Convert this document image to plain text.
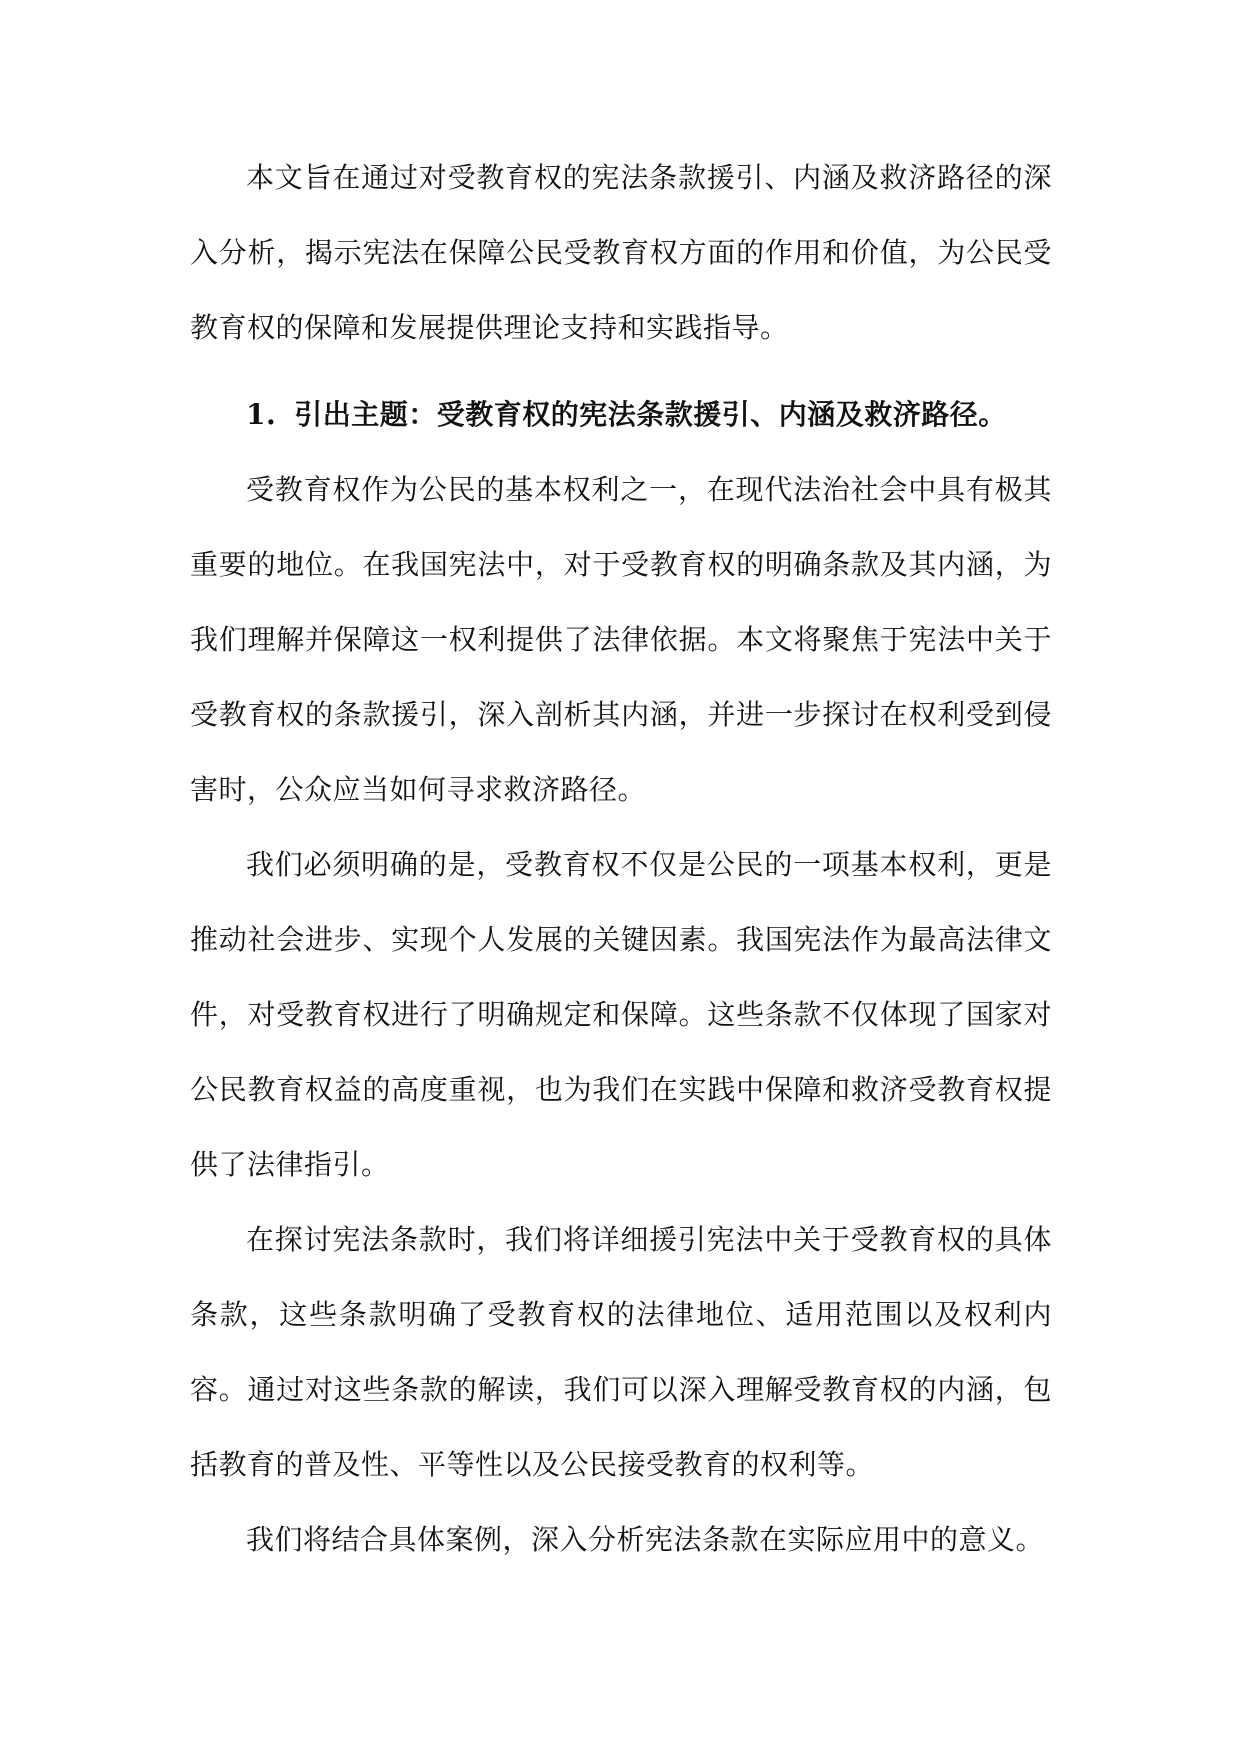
本文旨在通过对受教育权的宪法条款援引、内涵及救济路径的深入分析，揭示宪法在保障公民受教育权方面的作用和价值，为公民受教育权的保障和发展提供理论支持和实践指导。

1. 引出主题：受教育权的宪法条款援引、内涵及救济路径。

受教育权作为公民的基本权利之一，在现代法治社会中具有极其重要的地位。在我国宪法中，对于受教育权的明确条款及其内涵，为我们理解并保障这一权利提供了法律依据。本文将聚焦于宪法中关于受教育权的条款援引，深入剖析其内涵，并进一步探讨在权利受到侵害时，公众应当如何寻求救济路径。

我们必须明确的是，受教育权不仅是公民的一项基本权利，更是推动社会进步、实现个人发展的关键因素。我国宪法作为最高法律文件，对受教育权进行了明确规定和保障。这些条款不仅体现了国家对公民教育权益的高度重视，也为我们在实践中保障和救济受教育权提供了法律指引。

在探讨宪法条款时，我们将详细援引宪法中关于受教育权的具体条款，这些条款明确了受教育权的法律地位、适用范围以及权利内容。通过对这些条款的解读，我们可以深入理解受教育权的内涵，包括教育的普及性、平等性以及公民接受教育的权利等。

我们将结合具体案例，深入分析宪法条款在实际应用中的意义。
